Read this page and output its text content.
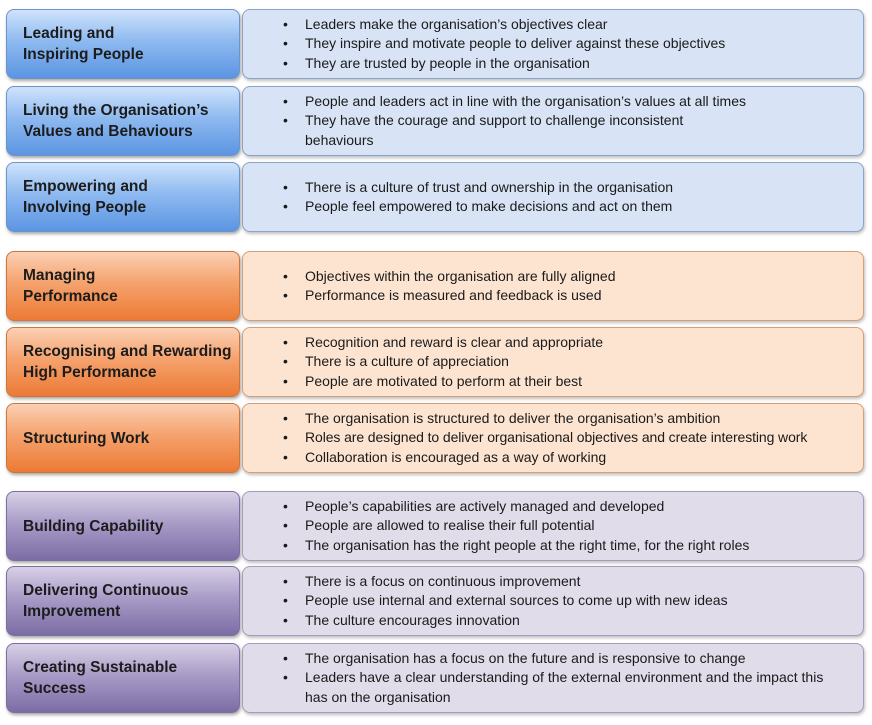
Leading and
Inspiring People
• Leaders make the organisation’s objectives clear
• They inspire and motivate people to deliver against these objectives
• They are trusted by people in the organisation
Living the Organisation’s
Values and Behaviours
• People and leaders act in line with the organisation’s values at all times
• They have the courage and support to challenge inconsistent behaviours
Empowering and
Involving People
• There is a culture of trust and ownership in the organisation
• People feel empowered to make decisions and act on them
Managing
Performance
• Objectives within the organisation are fully aligned
• Performance is measured and feedback is used
Recognising and Rewarding
High Performance
• Recognition and reward is clear and appropriate
• There is a culture of appreciation
• People are motivated to perform at their best
Structuring Work
• The organisation is structured to deliver the organisation’s ambition
• Roles are designed to deliver organisational objectives and create interesting work
• Collaboration is encouraged as a way of working
Building Capability
• People’s capabilities are actively managed and developed
• People are allowed to realise their full potential
• The organisation has the right people at the right time, for the right roles
Delivering Continuous
Improvement
• There is a focus on continuous improvement
• People use internal and external sources to come up with new ideas
• The culture encourages innovation
Creating Sustainable
Success
• The organisation has a focus on the future and is responsive to change
• Leaders have a clear understanding of the external environment and the impact this has on the organisation
